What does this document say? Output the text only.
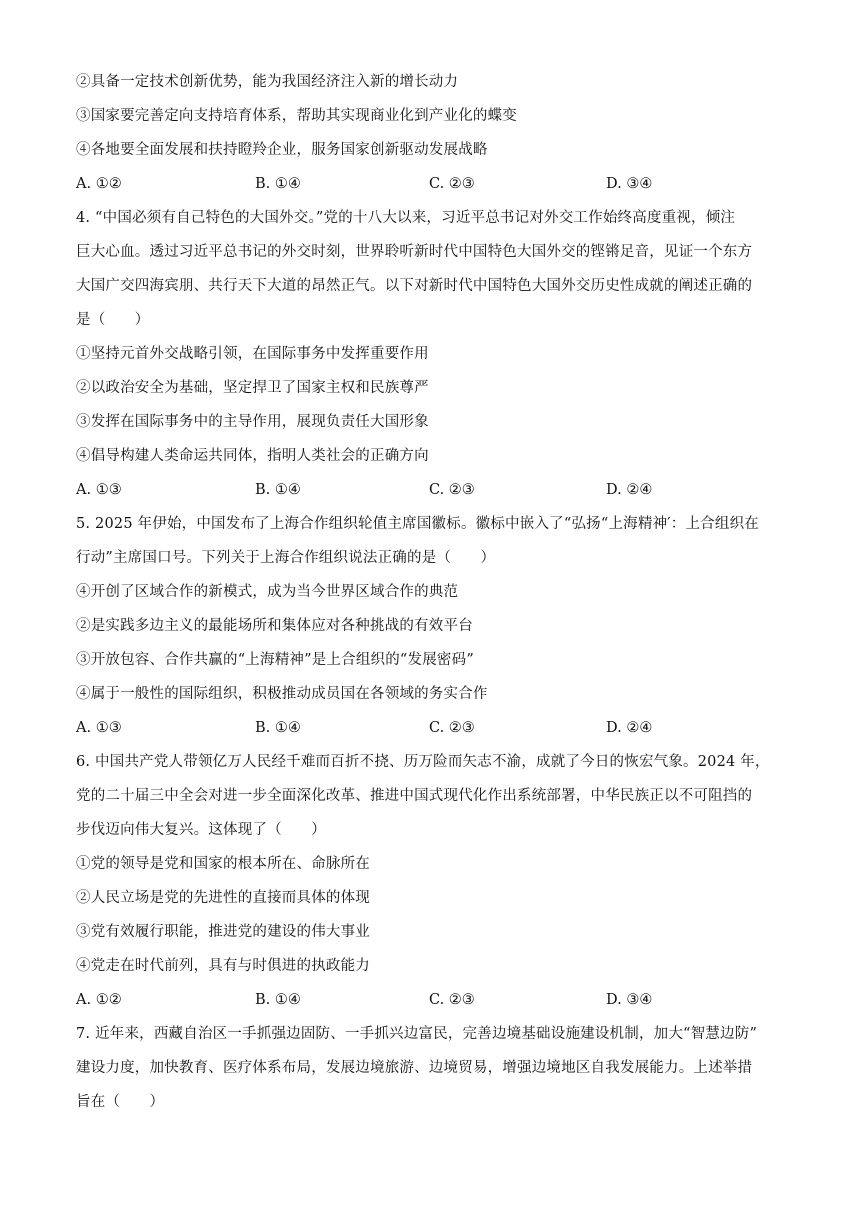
②具备一定技术创新优势，能为我国经济注入新的增长动力
③国家要完善定向支持培育体系，帮助其实现商业化到产业化的蝶变
④各地要全面发展和扶持瞪羚企业，服务国家创新驱动发展战略
A. ①②	B. ①④	C. ②③	D. ③④
4. “中国必须有自己特色的大国外交。”党的十八大以来，习近平总书记对外交工作始终高度重视，倾注
巨大心血。透过习近平总书记的外交时刻，世界聆听新时代中国特色大国外交的铿锵足音，见证一个东方
大国广交四海宾朋、共行天下大道的昂然正气。以下对新时代中国特色大国外交历史性成就的阐述正确的
是（　　）
①坚持元首外交战略引领，在国际事务中发挥重要作用
②以政治安全为基础，坚定捍卫了国家主权和民族尊严
③发挥在国际事务中的主导作用，展现负责任大国形象
④倡导构建人类命运共同体，指明人类社会的正确方向
A. ①③	B. ①④	C. ②③	D. ②④
5. 2025 年伊始，中国发布了上海合作组织轮值主席国徽标。徽标中嵌入了“弘扬“上海精神′：上合组织在
行动”主席国口号。下列关于上海合作组织说法正确的是（　　）
④开创了区域合作的新模式，成为当今世界区域合作的典范
②是实践多边主义的最能场所和集体应对各种挑战的有效平台
③开放包容、合作共赢的“上海精神”是上合组织的“发展密码”
④属于一般性的国际组织，积极推动成员国在各领域的务实合作
A. ①③	B. ①④	C. ②③	D. ②④
6. 中国共产党人带领亿万人民经千难而百折不挠、历万险而矢志不渝，成就了今日的恢宏气象。2024 年，
党的二十届三中全会对进一步全面深化改革、推进中国式现代化作出系统部署，中华民族正以不可阻挡的
步伐迈向伟大复兴。这体现了（　　）
①党的领导是党和国家的根本所在、命脉所在
②人民立场是党的先进性的直接而具体的体现
③党有效履行职能，推进党的建设的伟大事业
④党走在时代前列，具有与时俱进的执政能力
A. ①②	B. ①④	C. ②③	D. ③④
7. 近年来，西藏自治区一手抓强边固防、一手抓兴边富民，完善边境基础设施建设机制，加大“智慧边防”
建设力度，加快教育、医疗体系布局，发展边境旅游、边境贸易，增强边境地区自我发展能力。上述举措
旨在（　　）
